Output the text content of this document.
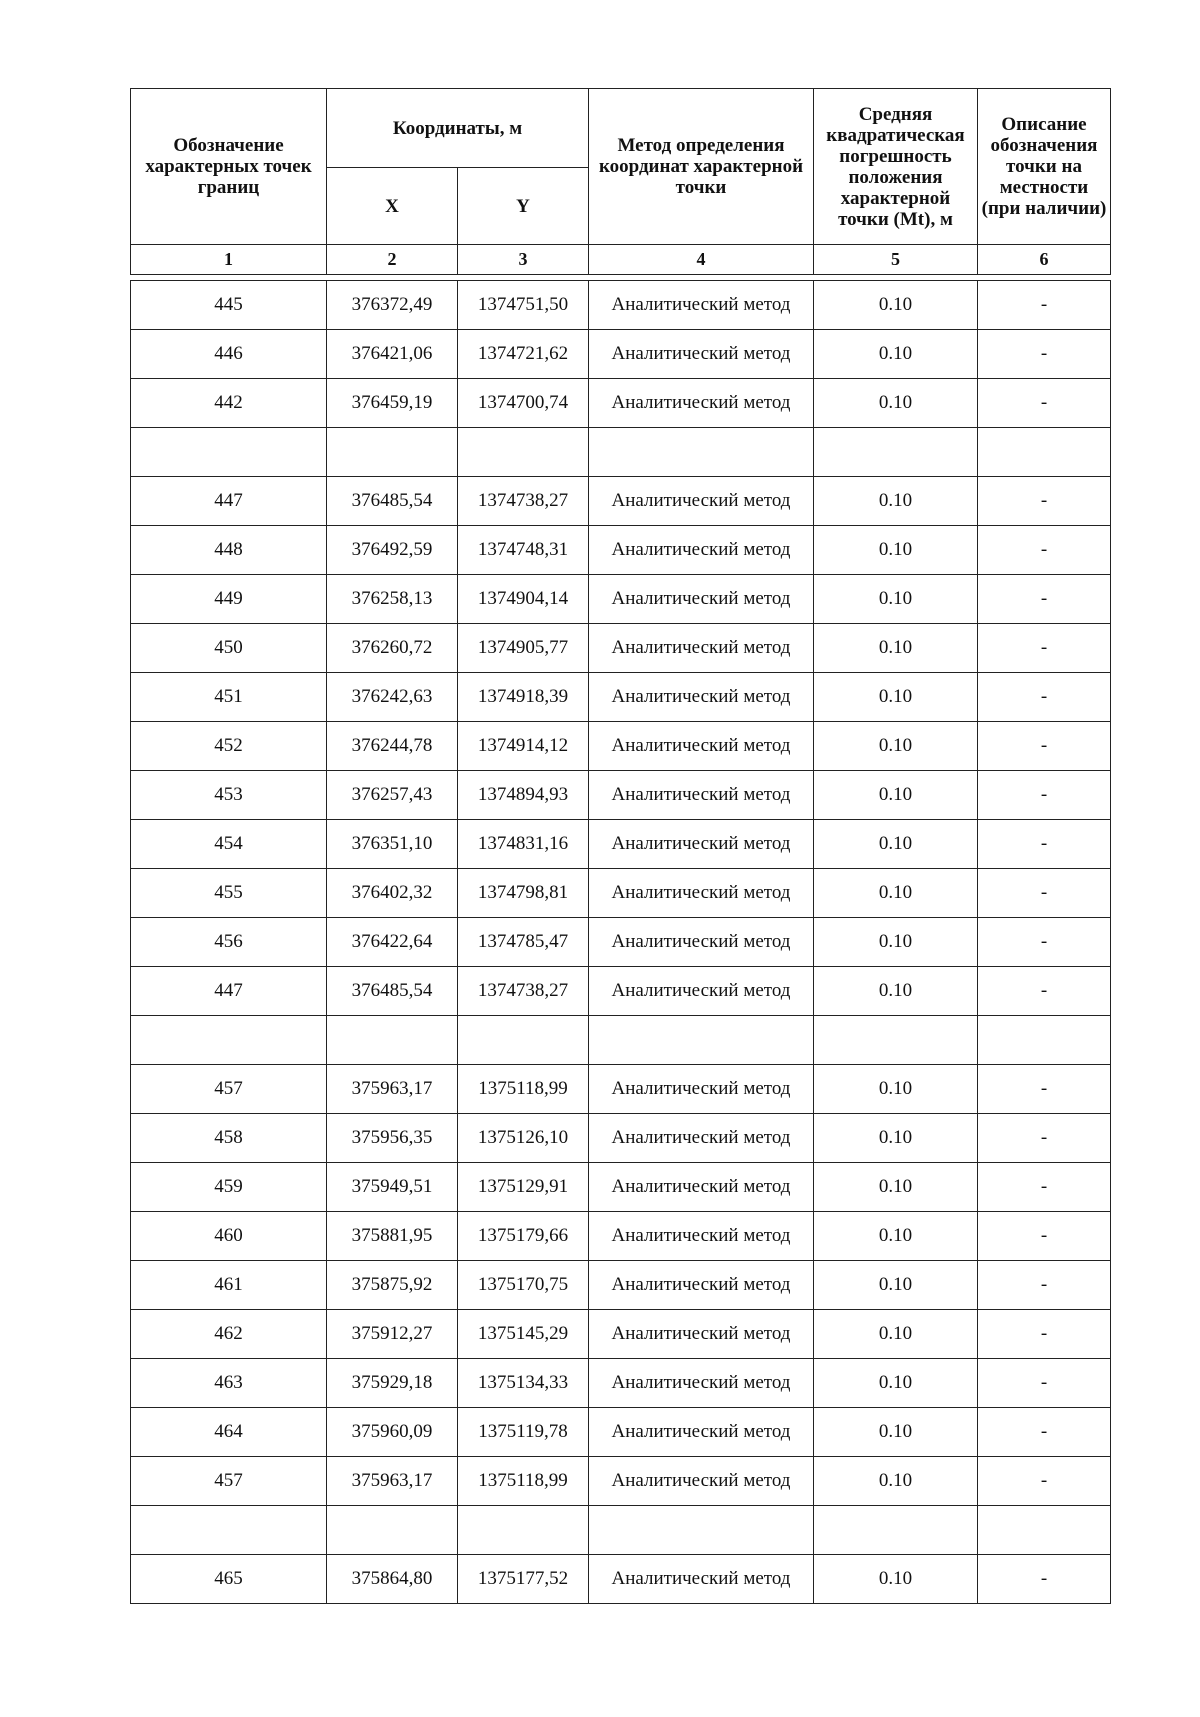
Обозначение характерных точек границ	Координаты, м		Метод определения координат характерной точки	Средняя квадратическая погрешность положения характерной точки (Mt), м	Описание обозначения точки на местности (при наличии)
	X	Y			
1	2	3	4	5	6
445	376372,49	1374751,50	Аналитический метод	0.10	-
446	376421,06	1374721,62	Аналитический метод	0.10	-
442	376459,19	1374700,74	Аналитический метод	0.10	-

447	376485,54	1374738,27	Аналитический метод	0.10	-
448	376492,59	1374748,31	Аналитический метод	0.10	-
449	376258,13	1374904,14	Аналитический метод	0.10	-
450	376260,72	1374905,77	Аналитический метод	0.10	-
451	376242,63	1374918,39	Аналитический метод	0.10	-
452	376244,78	1374914,12	Аналитический метод	0.10	-
453	376257,43	1374894,93	Аналитический метод	0.10	-
454	376351,10	1374831,16	Аналитический метод	0.10	-
455	376402,32	1374798,81	Аналитический метод	0.10	-
456	376422,64	1374785,47	Аналитический метод	0.10	-
447	376485,54	1374738,27	Аналитический метод	0.10	-

457	375963,17	1375118,99	Аналитический метод	0.10	-
458	375956,35	1375126,10	Аналитический метод	0.10	-
459	375949,51	1375129,91	Аналитический метод	0.10	-
460	375881,95	1375179,66	Аналитический метод	0.10	-
461	375875,92	1375170,75	Аналитический метод	0.10	-
462	375912,27	1375145,29	Аналитический метод	0.10	-
463	375929,18	1375134,33	Аналитический метод	0.10	-
464	375960,09	1375119,78	Аналитический метод	0.10	-
457	375963,17	1375118,99	Аналитический метод	0.10	-

465	375864,80	1375177,52	Аналитический метод	0.10	-
